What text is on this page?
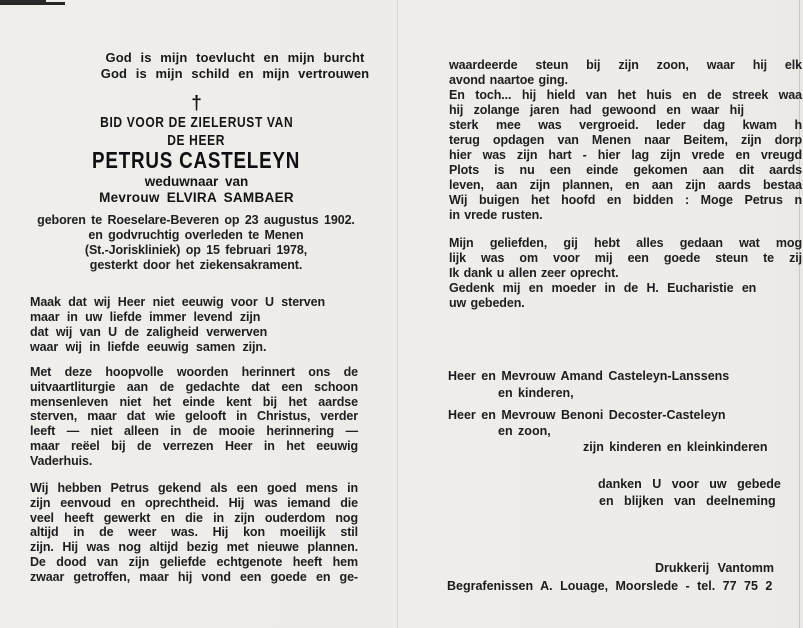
God is mijn toevlucht en mijn burcht
God is mijn schild en mijn vertrouwen
†
BID VOOR DE ZIELERUST VAN
DE HEER
PETRUS CASTELEYN
weduwnaar van
Mevrouw ELVIRA SAMBAER
geboren te Roeselare-Beveren op 23 augustus 1902.
en godvruchtig overleden te Menen
(St.-Joriskliniek) op 15 februari 1978,
gesterkt door het ziekensakrament.
Maak dat wij Heer niet eeuwig voor U sterven
maar in uw liefde immer levend zijn
dat wij van U de zaligheid verwerven
waar wij in liefde eeuwig samen zijn.
Met deze hoopvolle woorden herinnert ons de
uitvaartliturgie aan de gedachte dat een schoon
mensenleven niet het einde kent bij het aardse
sterven, maar dat wie gelooft in Christus, verder
leeft — niet alleen in de mooie herinnering —
maar reëel bij de verrezen Heer in het eeuwig
Vaderhuis.
Wij hebben Petrus gekend als een goed mens in
zijn eenvoud en oprechtheid. Hij was iemand die
veel heeft gewerkt en die in zijn ouderdom nog
altijd in de weer was. Hij kon moeilijk stil
zijn. Hij was nog altijd bezig met nieuwe plannen.
De dood van zijn geliefde echtgenote heeft hem
zwaar getroffen, maar hij vond een goede en ge-
waardeerde steun bij zijn zoon, waar hij elk
avond naartoe ging.
En toch... hij hield van het huis en de streek waa
hij zolange jaren had gewoond en waar hij
sterk mee was vergroeid. Ieder dag kwam h
terug opdagen van Menen naar Beitem, zijn dorp
hier was zijn hart - hier lag zijn vrede en vreugd
Plots is nu een einde gekomen aan dit aards
leven, aan zijn plannen, en aan zijn aards bestaa
Wij buigen het hoofd en bidden : Moge Petrus n
in vrede rusten.
Mijn geliefden, gij hebt alles gedaan wat mog
lijk was om voor mij een goede steun te zij
Ik dank u allen zeer oprecht.
Gedenk mij en moeder in de H. Eucharistie en
uw gebeden.
Heer en Mevrouw Amand Casteleyn-Lanssens
en kinderen,
Heer en Mevrouw Benoni Decoster-Casteleyn
en zoon,
zijn kinderen en kleinkinderen
danken U voor uw gebede
en blijken van deelneming
Drukkerij Vantomm
Begrafenissen A. Louage, Moorslede - tel. 77 75 2
